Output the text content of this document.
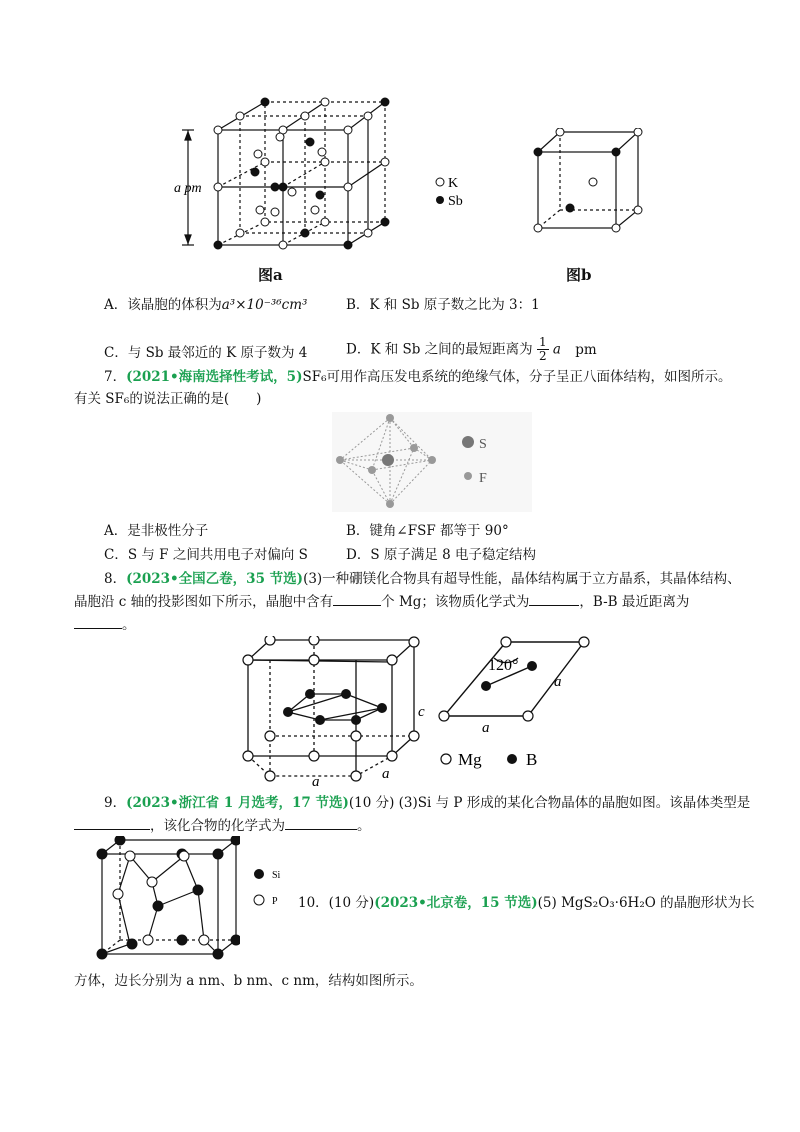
a pm	K
Sb
图a	图b
A．该晶胞的体积为a³×10⁻³⁶cm³	B．K 和 Sb 原子数之比为 3：1
C．与 Sb 最邻近的 K 原子数为 4	D．K 和 Sb 之间的最短距离为 $\frac{1}{2}$ a pm
7．(2021•海南选择性考试，5)SF₆可用作高压发电系统的绝缘气体，分子呈正八面体结构，如图所示。
有关 SF₆的说法正确的是(　　)
S
F
A．是非极性分子	B．键角∠FSF 都等于 90°
C．S 与 F 之间共用电子对偏向 S	D．S 原子满足 8 电子稳定结构
8．(2023•全国乙卷，35 节选)(3)一种硼镁化合物具有超导性能，晶体结构属于立方晶系，其晶体结构、
晶胞沿 c 轴的投影图如下所示，晶胞中含有	个 Mg；该物质化学式为	，B-B 最近距离为
。
c
a	a
120°
a
a
Mg	B
9．(2023•浙江省 1 月选考，17 节选)(10 分) (3)Si 与 P 形成的某化合物晶体的晶胞如图。该晶体类型是
，该化合物的化学式为	。
Si
P 10．(10 分)(2023•北京卷，15 节选)(5) MgS₂O₃·6H₂O 的晶胞形状为长
方体，边长分别为 a nm、b nm、c nm，结构如图所示。
